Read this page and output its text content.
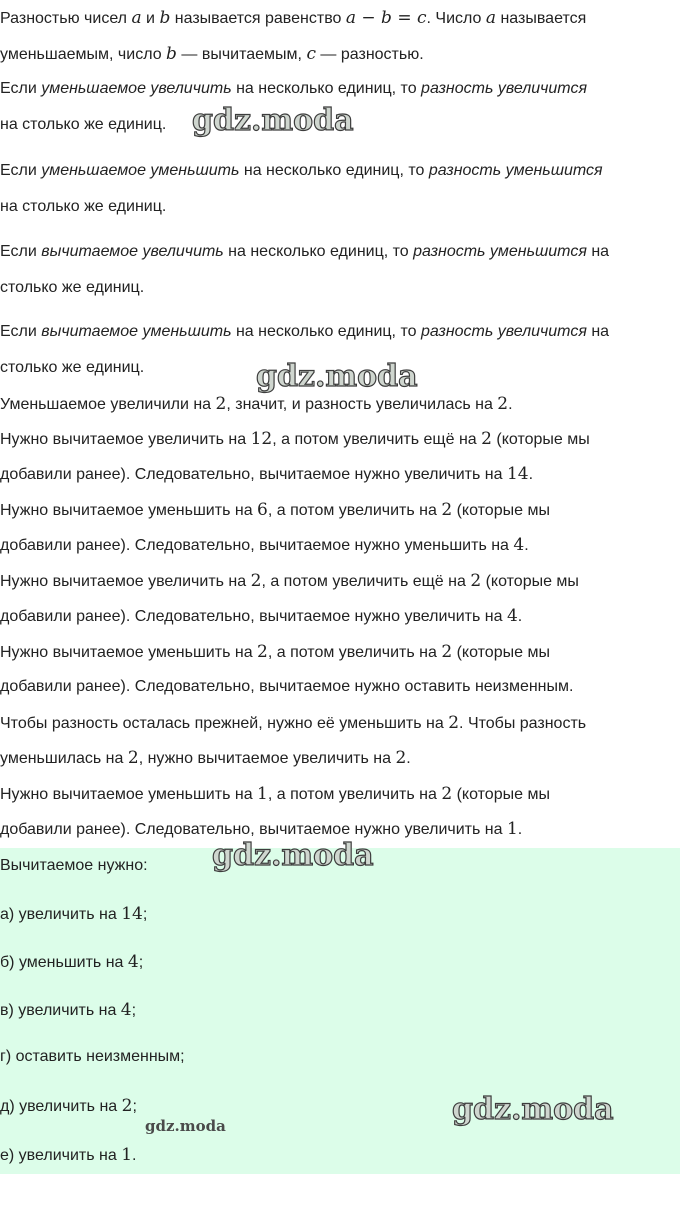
Разностью чисел a и b называется равенство a − b = c. Число a называется

уменьшаемым, число b — вычитаемым, c — разностью.

Если уменьшаемое увеличить на несколько единиц, то разность увеличится

на столько же единиц.

Если уменьшаемое уменьшить на несколько единиц, то разность уменьшится

на столько же единиц.

Если вычитаемое увеличить на несколько единиц, то разность уменьшится на

столько же единиц.

Если вычитаемое уменьшить на несколько единиц, то разность увеличится на

столько же единиц.

Уменьшаемое увеличили на 2, значит, и разность увеличилась на 2.

Нужно вычитаемое увеличить на 12, а потом увеличить ещё на 2 (которые мы

добавили ранее). Следовательно, вычитаемое нужно увеличить на 14.

Нужно вычитаемое уменьшить на 6, а потом увеличить на 2 (которые мы

добавили ранее). Следовательно, вычитаемое нужно уменьшить на 4.

Нужно вычитаемое увеличить на 2, а потом увеличить ещё на 2 (которые мы

добавили ранее). Следовательно, вычитаемое нужно увеличить на 4.

Нужно вычитаемое уменьшить на 2, а потом увеличить на 2 (которые мы

добавили ранее). Следовательно, вычитаемое нужно оставить неизменным.

Чтобы разность осталась прежней, нужно её уменьшить на 2. Чтобы разность

уменьшилась на 2, нужно вычитаемое увеличить на 2.

Нужно вычитаемое уменьшить на 1, а потом увеличить на 2 (которые мы

добавили ранее). Следовательно, вычитаемое нужно увеличить на 1.

Вычитаемое нужно:

а) увеличить на 14;

б) уменьшить на 4;

в) увеличить на 4;

г) оставить неизменным;

д) увеличить на 2;

е) увеличить на 1.

gdz.moda
gdz.moda
gdz.moda
gdz.moda
gdz.moda
